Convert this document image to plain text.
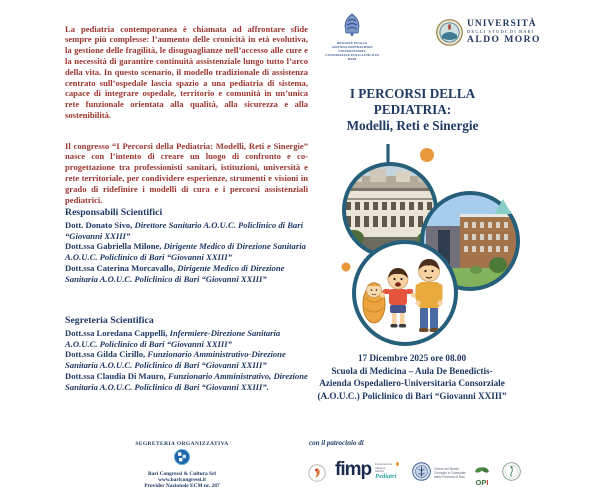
La pediatria contemporanea è chiamata ad affrontare sfide sempre più complesse: l’aumento delle cronicità in età evolutiva, la gestione delle fragilità, le disuguaglianze nell’accesso alle cure e la necessità di garantire continuità assistenziale lungo tutto l’arco della vita. In questo scenario, il modello tradizionale di assistenza centrato sull’ospedale lascia spazio a una pediatria di sistema, capace di integrare ospedale, territorio e comunità in un’unica rete funzionale orientata alla qualità, alla sicurezza e alla sostenibilità.

Il congresso “I Percorsi della Pediatria: Modelli, Reti e Sinergie” nasce con l’intento di creare un luogo di confronto e co-progettazione tra professionisti sanitari, istituzioni, università e rete territoriale, per condividere esperienze, strumenti e visioni in grado di ridefinire i modelli di cura e i percorsi assistenziali pediatrici.

Responsabili Scientifici

Dott. Donato Sivo, Direttore Sanitario A.O.U.C. Policlinico di Bari “Giovanni XXIII”

Dott.ssa Gabriella Milone, Dirigente Medico di Direzione Sanitaria A.O.U.C. Policlinico di Bari “Giovanni XXIII”

Dott.ssa Caterina Morcavallo, Dirigente Medico di Direzione Sanitaria A.O.U.C. Policlinico di Bari “Giovanni XXIII”

Segreteria Scientifica

Dott.ssa Loredana Cappelli, Infermiere-Direzione Sanitaria A.O.U.C. Policlinico di Bari “Giovanni XXIII”

Dott.ssa Gilda Cirillo, Funzionario Amministrativo-Direzione Sanitaria A.O.U.C. Policlinico di Bari “Giovanni XXIII”

Dott.ssa Claudia Di Mauro, Funzionario Amministrativo, Direzione Sanitaria A.O.U.C. Policlinico di Bari “Giovanni XXIII”.

SEGRETERIA ORGANIZZATIVA
Bari Congressi & Cultura Srl
www.baricongressi.it
Provider Nazionale ECM nr. 287
REGIONE PUGLIA
AZIENDA OSPEDALIERO UNIVERSITARIA
CONSORZIALE POLICLINICO DI BARI
UNIVERSITÀ
DEGLI STUDI DI BARI
ALDO MORO
I PERCORSI DELLA PEDIATRIA:
Modelli, Reti e Sinergie
17 Dicembre 2025 ore 08.00
Scuola di Medicina – Aula De Benedictis-
Azienda Ospedaliero-Universitaria Consorziale
(A.O.U.C.) Policlinico di Bari “Giovanni XXIII”
con il patrocinio di
fimp Federazione
Italiana
Medici
Pediatri
Ordine dei Medici
Chirurghi e Odontoiatri
della Provincia di Bari
OPI
